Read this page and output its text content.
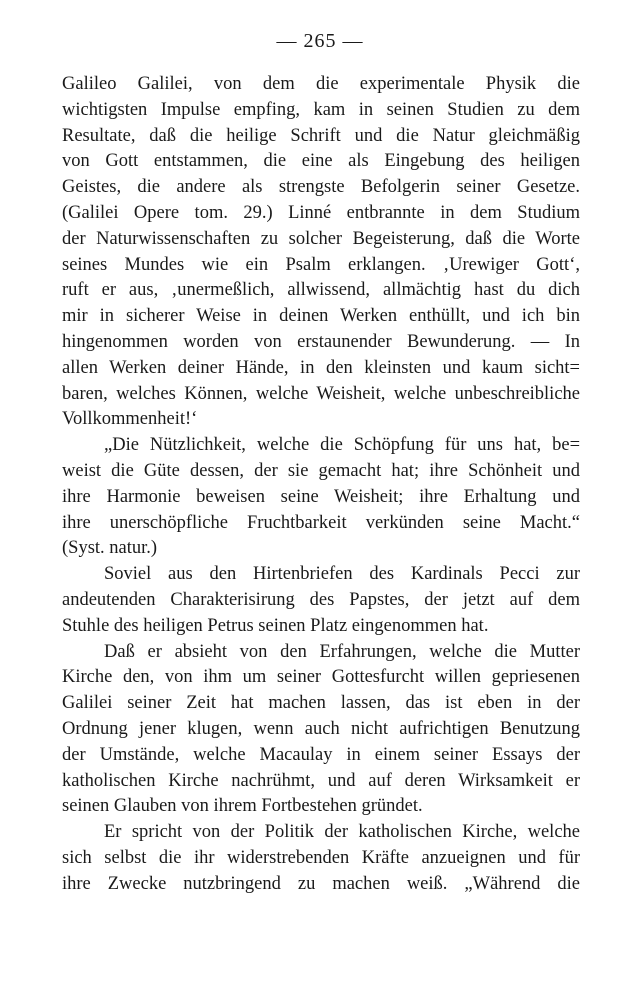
— 265 —
Galileo Galilei, von dem die experimentale Physik die
wichtigsten Impulse empfing, kam in seinen Studien zu dem
Resultate, daß die heilige Schrift und die Natur gleichmäßig
von Gott entstammen, die eine als Eingebung des heiligen
Geistes, die andere als strengste Befolgerin seiner Gesetze.
(Galilei Opere tom. 29.) Linné entbrannte in dem Studium
der Naturwissenschaften zu solcher Begeisterung, daß die Worte
seines Mundes wie ein Psalm erklangen. ‚Urewiger Gott‘,
ruft er aus, ‚unermeßlich, allwissend, allmächtig hast du dich
mir in sicherer Weise in deinen Werken enthüllt, und ich bin
hingenommen worden von erstaunender Bewunderung. — In
allen Werken deiner Hände, in den kleinsten und kaum sicht=
baren, welches Können, welche Weisheit, welche unbeschreibliche
Vollkommenheit!‘
„Die Nützlichkeit, welche die Schöpfung für uns hat, be=
weist die Güte dessen, der sie gemacht hat; ihre Schönheit und
ihre Harmonie beweisen seine Weisheit; ihre Erhaltung und
ihre unerschöpfliche Fruchtbarkeit verkünden seine Macht.“
(Syst. natur.)
Soviel aus den Hirtenbriefen des Kardinals Pecci zur
andeutenden Charakterisirung des Papstes, der jetzt auf dem
Stuhle des heiligen Petrus seinen Platz eingenommen hat.
Daß er absieht von den Erfahrungen, welche die Mutter
Kirche den, von ihm um seiner Gottesfurcht willen gepriesenen
Galilei seiner Zeit hat machen lassen, das ist eben in der
Ordnung jener klugen, wenn auch nicht aufrichtigen Benutzung
der Umstände, welche Macaulay in einem seiner Essays der
katholischen Kirche nachrühmt, und auf deren Wirksamkeit er
seinen Glauben von ihrem Fortbestehen gründet.
Er spricht von der Politik der katholischen Kirche, welche
sich selbst die ihr widerstrebenden Kräfte anzueignen und für
ihre Zwecke nutzbringend zu machen weiß. „Während die
